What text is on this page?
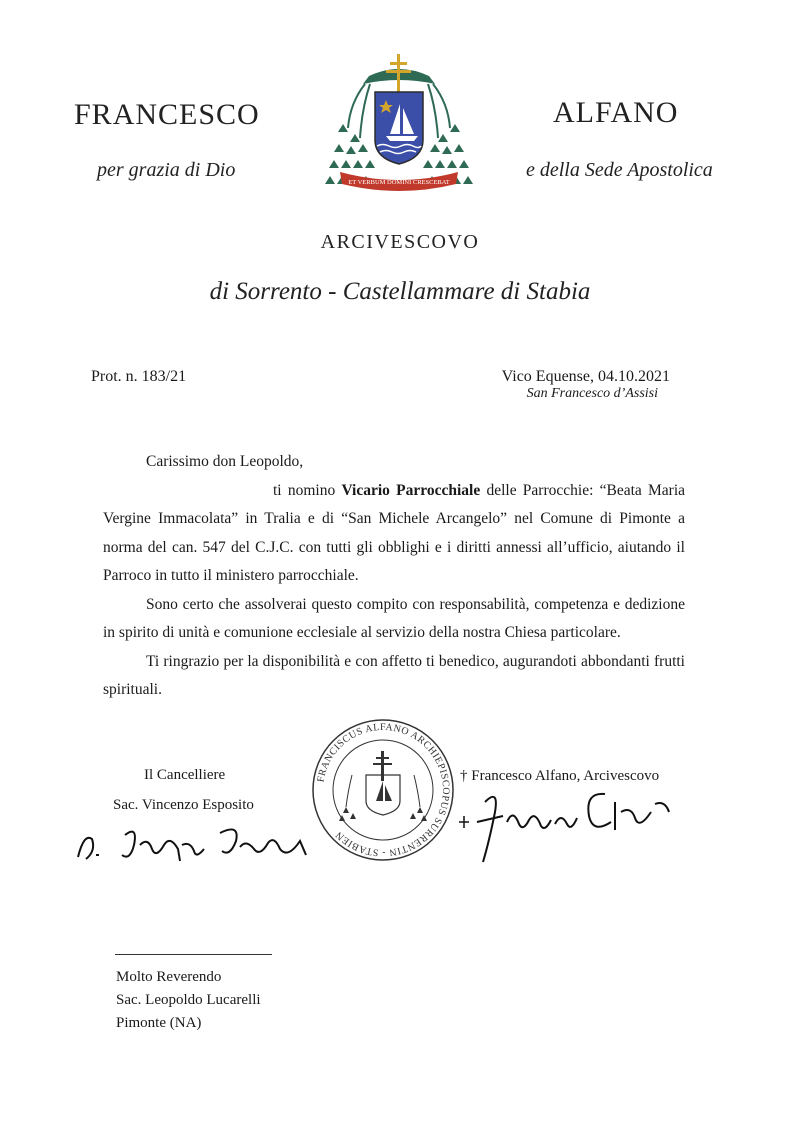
FRANCESCO	ALFANO
per grazia di Dio	e della Sede Apostolica
ET VERBUM DOMINI CRESCEBAT
ARCIVESCOVO
di Sorrento - Castellammare di Stabia
Prot. n. 183/21	Vico Equense, 04.10.2021
San Francesco d’Assisi

Carissimo don Leopoldo,

ti nomino Vicario Parrocchiale delle Parrocchie: “Beata Maria Vergine Immacolata” in Tralia e di “San Michele Arcangelo” nel Comune di Pimonte a norma del can. 547 del C.J.C. con tutti gli obblighi e i diritti annessi all’ufficio, aiutando il Parroco in tutto il ministero parrocchiale.

Sono certo che assolverai questo compito con responsabilità, competenza e dedizione in spirito di unità e comunione ecclesiale al servizio della nostra Chiesa particolare.

Ti ringrazio per la disponibilità e con affetto ti benedico, augurandoti abbondanti frutti spirituali.

Il Cancelliere
Sac. Vincenzo Esposito
FRANCISCUS ALFANO ARCHIEPISCOPUS SURRENTIN - STABIEN
† Francesco Alfano, Arcivescovo
Molto Reverendo
Sac. Leopoldo Lucarelli
Pimonte (NA)
